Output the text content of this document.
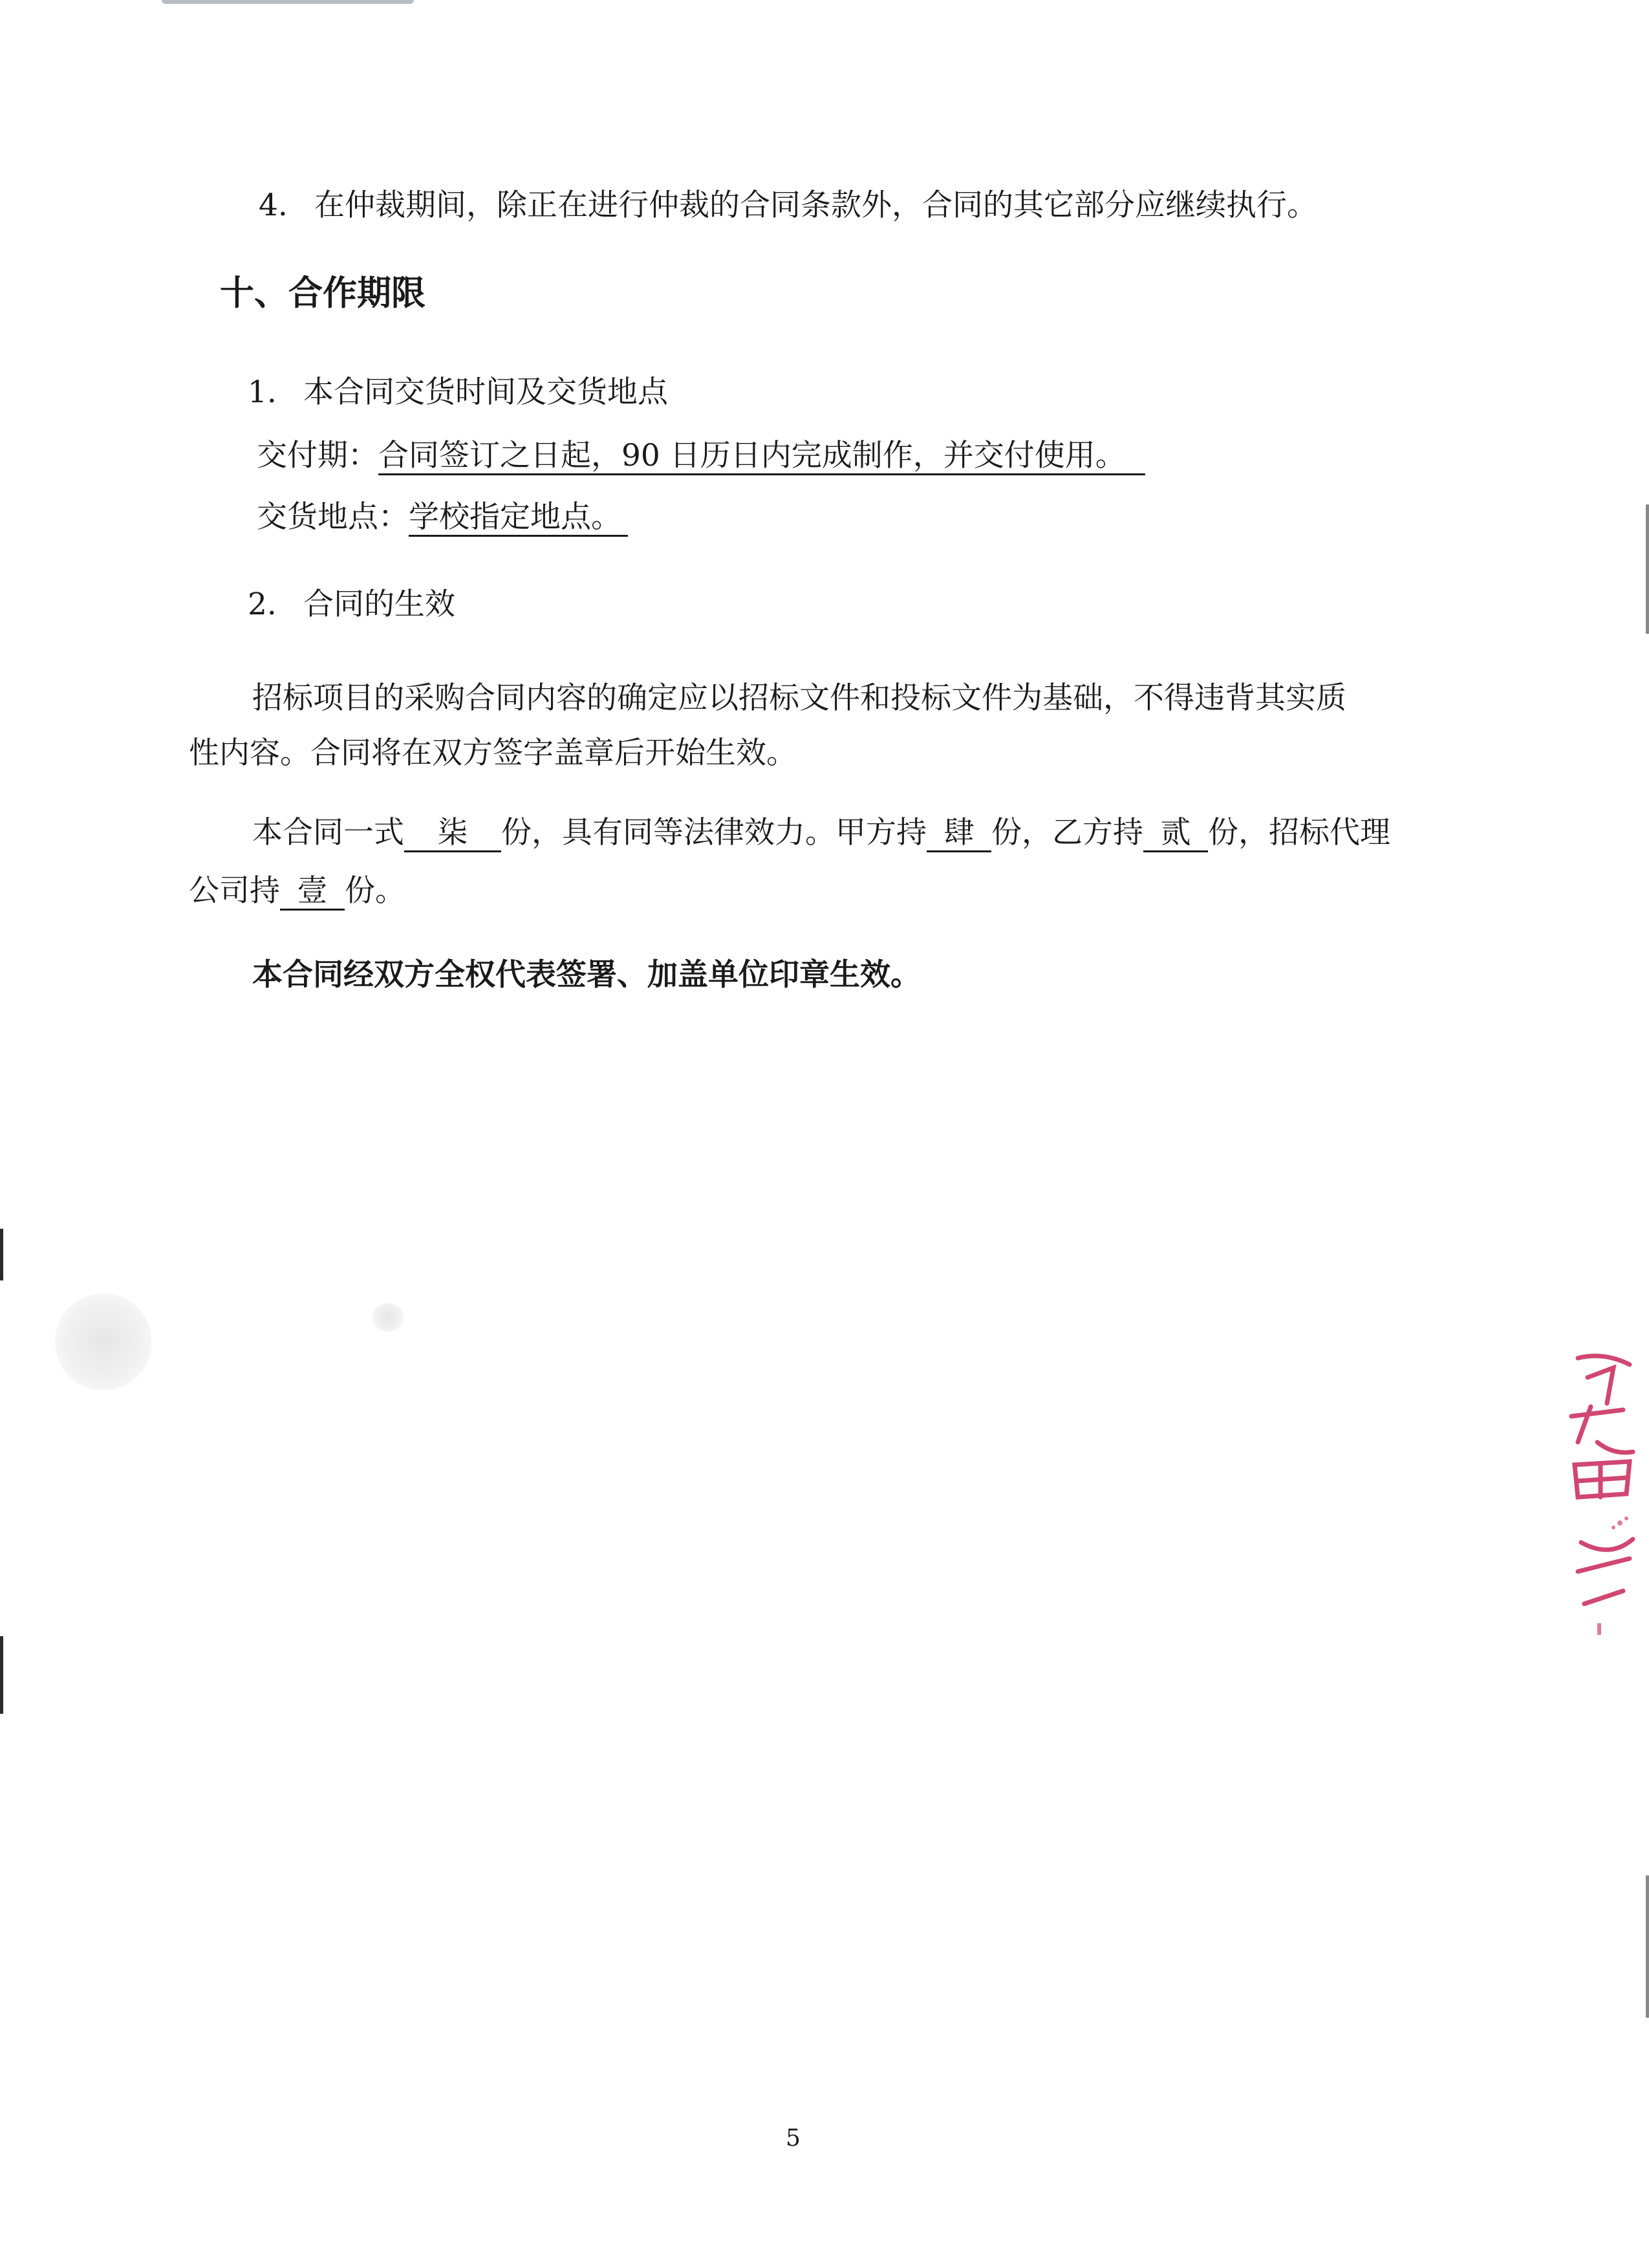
4. 在仲裁期间，除正在进行仲裁的合同条款外，合同的其它部分应继续执行。
十、合作期限
1. 本合同交货时间及交货地点
交付期：合同签订之日起，90 日历日内完成制作，并交付使用。
交货地点：学校指定地点。
2. 合同的生效
招标项目的采购合同内容的确定应以招标文件和投标文件为基础，不得违背其实质
性内容。合同将在双方签字盖章后开始生效。
本合同一式 柒 份，具有同等法律效力。甲方持 肆 份，乙方持 贰 份，招标代理
公司持 壹 份。
本合同经双方全权代表签署、加盖单位印章生效。
5
